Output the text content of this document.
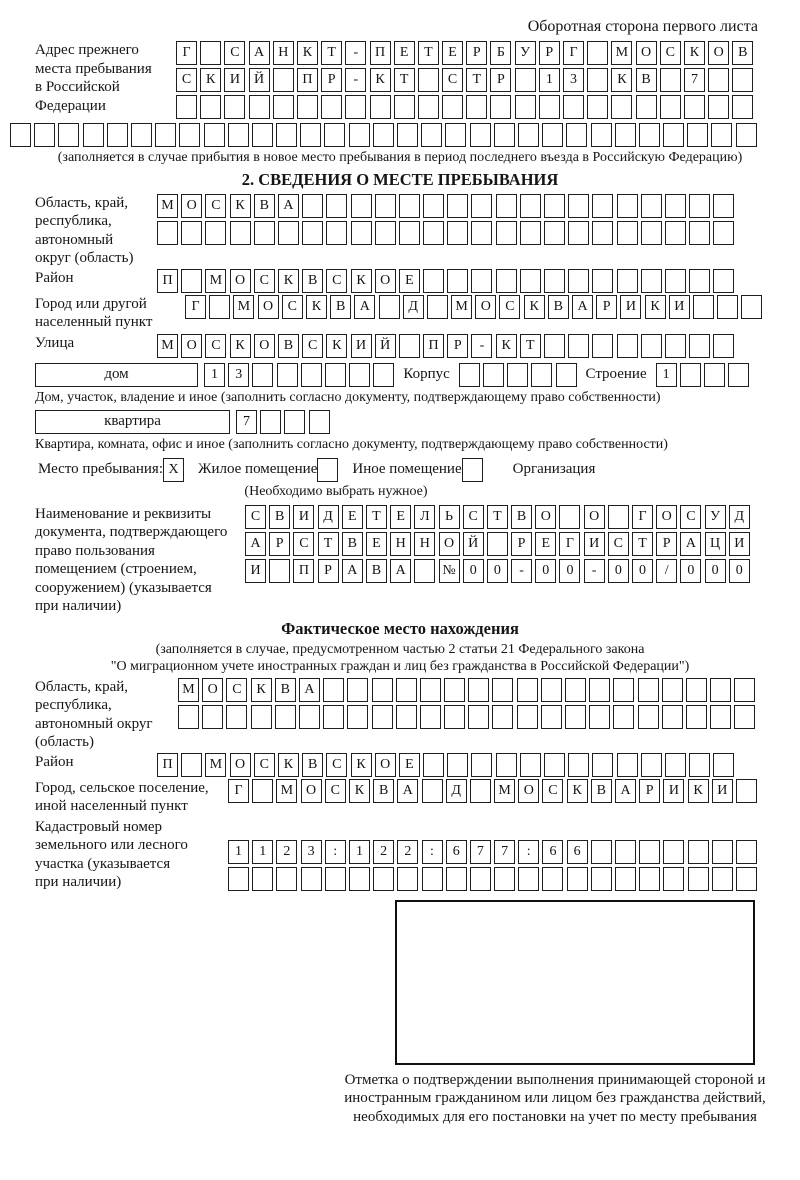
Оборотная сторона первого листа
Адрес прежнего
места пребывания
в Российской
Федерации
Г	С	А	Н	К	Т	-	П	Е	Т	Е	Р	Б	У	Р	Г	М О	С	К	О	В
С	К	И	Й	П	Р	-	К	Т	С	Т	Р	1	3	К	В	7
(заполняется в случае прибытия в новое место пребывания в период последнего въезда в Российскую Федерацию)
2. СВЕДЕНИЯ О МЕСТЕ ПРЕБЫВАНИЯ
Область, край,
республика,
автономный
округ (область)
М О	С	К	В	А
Район	П	М О	С	К	В	С	К	О	Е
Город или другой
населенный пункт
Г	М О	С	К	В	А	Д	М О	С	К	В	А	Р	И	К	И
Улица	М О	С	К	О	В	С	К	И	Й	П	Р	-	К	Т
дом	1	3	Корпус	Строение	1
Дом, участок, владение и иное (заполнить согласно документу, подтверждающему право собственности)
квартира	7
Квартира, комната, офис и иное (заполнить согласно документу, подтверждающему право собственности)
Место пребывания: X	Жилое помещение Иное помещение	Организация
(Необходимо выбрать нужное)
Наименование и реквизиты
документа, подтверждающего
право пользования
помещением (строением,
сооружением) (указывается
при наличии)
С	В	И	Д	Е	Т	Е	Л	Ь	С	Т	В	О	О	Г	О	С	У	Д
А	Р	С	Т	В	Е	Н	Н	О	Й	Р	Е	Г	И	С	Т	Р	А	Ц	И
И	П	Р	А	В	А	№	0	0	-	0	0	-	0	0	/	0	0	0
Фактическое место нахождения
(заполняется в случае, предусмотренном частью 2 статьи 21 Федерального закона
"О миграционном учете иностранных граждан и лиц без гражданства в Российской Федерации")
Область, край,
республика,
автономный округ
(область)
М О	С	К	В	А
Район	П	М О	С	К	В	С	К	О	Е
Город, сельское поселение,
иной населенный пункт
Г	М О	С	К	В	А	Д	М О	С	К	В	А	Р	И	К	И
Кадастровый номер
земельного или лесного
участка (указывается
при наличии)
1	1	2	3	:	1	2	2	:	6	7	7	:	6	6
Отметка о подтверждении выполнения принимающей стороной и иностранным гражданином или лицом без гражданства действий, необходимых для его постановки на учет по месту пребывания
